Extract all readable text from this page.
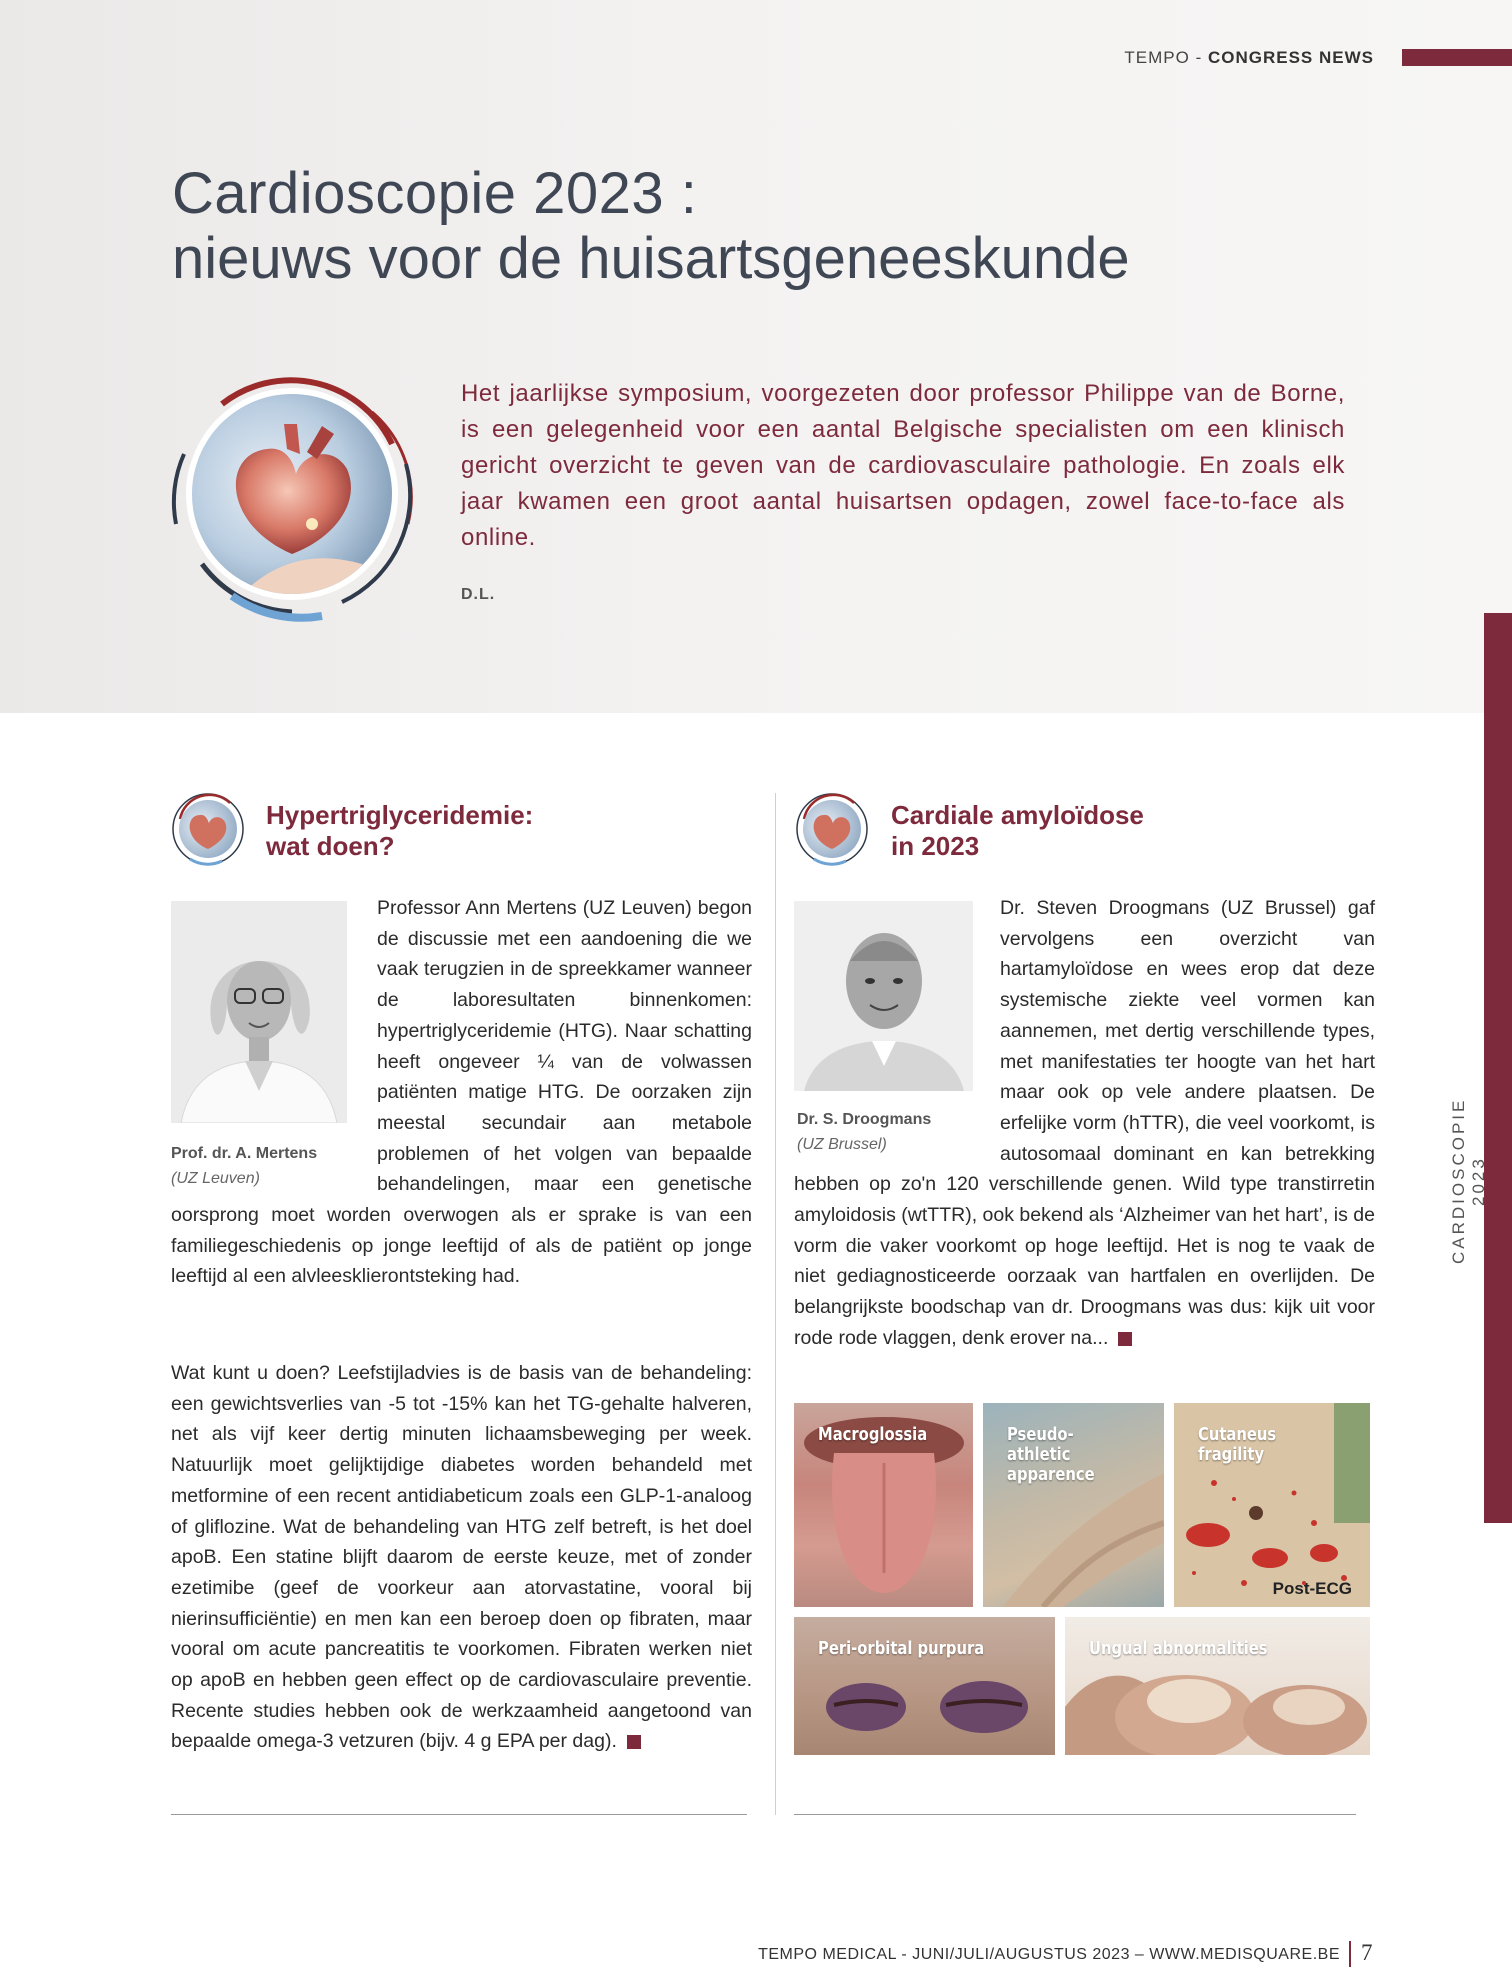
TEMPO - CONGRESS NEWS
Cardioscopie 2023 :
nieuws voor de huisartsgeneeskunde
Het jaarlijkse symposium, voorgezeten door professor Philippe van de Borne, is een gelegenheid voor een aantal Belgische specialisten om een klinisch gericht overzicht te geven van de cardiovasculaire pathologie. En zoals elk jaar kwamen een groot aantal huisartsen opdagen, zowel face-to-face als online.
D.L.
CARDIOSCOPIE 2023
Hypertriglyceridemie:
wat doen?
Prof. dr. A. Mertens
(UZ Leuven)
Professor Ann Mertens (UZ Leuven) begon de discussie met een aandoening die we vaak terugzien in de spreekkamer wanneer de laboresultaten binnenkomen: hypertriglyceridemie (HTG). Naar schatting heeft ongeveer ¼ van de volwassen patiënten matige HTG. De oorzaken zijn meestal secundair aan metabole problemen of het volgen van bepaalde behandelingen, maar een genetische oorsprong moet worden overwogen als er sprake is van een familiegeschiedenis op jonge leeftijd of als de patiënt op jonge leeftijd al een alvleesklierontsteking had.
Wat kunt u doen? Leefstijladvies is de basis van de behandeling: een gewichtsverlies van -5 tot -15% kan het TG-gehalte halveren, net als vijf keer dertig minuten lichaamsbeweging per week. Natuurlijk moet gelijktijdige diabetes worden behandeld met metformine of een recent antidiabeticum zoals een GLP-1-analoog of gliflozine. Wat de behandeling van HTG zelf betreft, is het doel apoB. Een statine blijft daarom de eerste keuze, met of zonder ezetimibe (geef de voorkeur aan atorvastatine, vooral bij nierinsufficiëntie) en men kan een beroep doen op fibraten, maar vooral om acute pancreatitis te voorkomen. Fibraten werken niet op apoB en hebben geen effect op de cardiovasculaire preventie. Recente studies hebben ook de werkzaamheid aangetoond van bepaalde omega-3 vetzuren (bijv. 4 g EPA per dag).
Cardiale amyloïdose
in 2023
Dr. S. Droogmans
(UZ Brussel)
Dr. Steven Droogmans (UZ Brussel) gaf vervolgens een overzicht van hartamyloïdose en wees erop dat deze systemische ziekte veel vormen kan aannemen, met dertig verschillende types, met manifestaties ter hoogte van het hart maar ook op vele andere plaatsen. De erfelijke vorm (hTTR), die veel voorkomt, is autosomaal dominant en kan betrekking hebben op zo'n 120 verschillende genen. Wild type transtirretin amyloidosis (wtTTR), ook bekend als ‘Alzheimer van het hart’, is de vorm die vaker voorkomt op hoge leeftijd. Het is nog te vaak de niet gediagnosticeerde oorzaak van hartfalen en overlijden. De belangrijkste boodschap van dr. Droogmans was dus: kijk uit voor rode rode vlaggen, denk erover na...
Macroglossia	Pseudo-athletic
apparence
Cutaneus fragility
Post-ECG
Peri-orbital purpura	Ungual abnormalities
TEMPO MEDICAL - JUNI/JULI/AUGUSTUS 2023 – WWW.MEDISQUARE.BE 7
